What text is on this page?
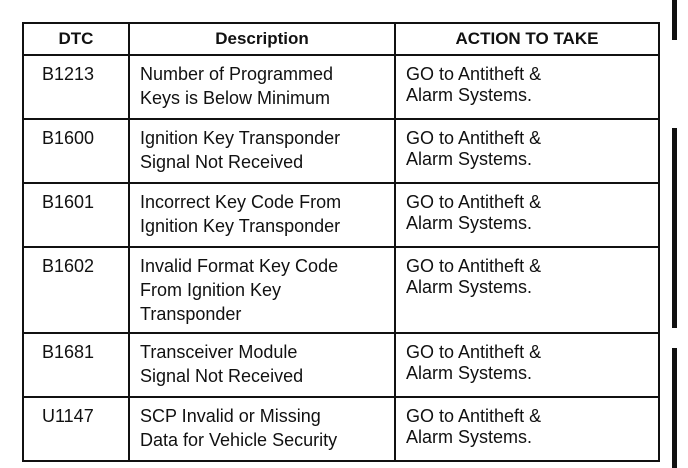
DTC	Description	ACTION TO TAKE
B1213	Number of Programmed
Keys is Below Minimum	GO to Antitheft &
Alarm Systems.
B1600	Ignition Key Transponder
Signal Not Received	GO to Antitheft &
Alarm Systems.
B1601	Incorrect Key Code From
Ignition Key Transponder	GO to Antitheft &
Alarm Systems.
B1602	Invalid Format Key Code
From Ignition Key
Transponder	GO to Antitheft &
Alarm Systems.
B1681	Transceiver Module
Signal Not Received	GO to Antitheft &
Alarm Systems.
U1147	SCP Invalid or Missing
Data for Vehicle Security	GO to Antitheft &
Alarm Systems.
